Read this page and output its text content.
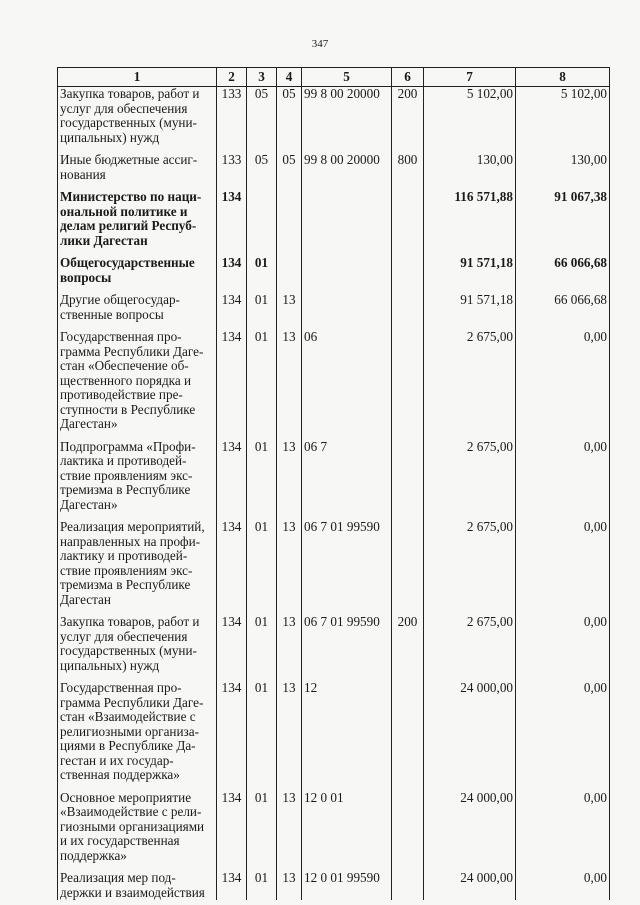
347
1	2	3	4	5	6	7	8
Закупка товаров, работ и услуг для обеспечения государственных (муни-ципальных) нужд	133	05	05	99 8 00 20000	200	5 102,00	5 102,00

Иные бюджетные ассиг-нования	133	05	05	99 8 00 20000	800	130,00	130,00

Министерство по наци-ональной политике и делам религий Респуб-лики Дагестан	134					116 571,88	91 067,38

Общегосударственные вопросы	134	01				91 571,18	66 066,68

Другие общегосудар-ственные вопросы	134	01	13			91 571,18	66 066,68

Государственная про-грамма Республики Даге-стан «Обеспечение об-щественного порядка и противодействие пре-ступности в Республике Дагестан»	134	01	13	06		2 675,00	0,00

Подпрограмма «Профи-лактика и противодей-ствие проявлениям экс-тремизма в Республике Дагестан»	134	01	13	06 7		2 675,00	0,00

Реализация мероприятий, направленных на профи-лактику и противодей-ствие проявлениям экс-тремизма в Республике Дагестан	134	01	13	06 7 01 99590		2 675,00	0,00

Закупка товаров, работ и услуг для обеспечения государственных (муни-ципальных) нужд	134	01	13	06 7 01 99590	200	2 675,00	0,00

Государственная про-грамма Республики Даге-стан «Взаимодействие с религиозными организа-циями в Республике Да-гестан и их государ-ственная поддержка»	134	01	13	12		24 000,00	0,00

Основное мероприятие «Взаимодействие с рели-гиозными организациями и их государственная поддержка»	134	01	13	12 0 01		24 000,00	0,00

Реализация мер под-держки и взаимодействия	134	01	13	12 0 01 99590		24 000,00	0,00
